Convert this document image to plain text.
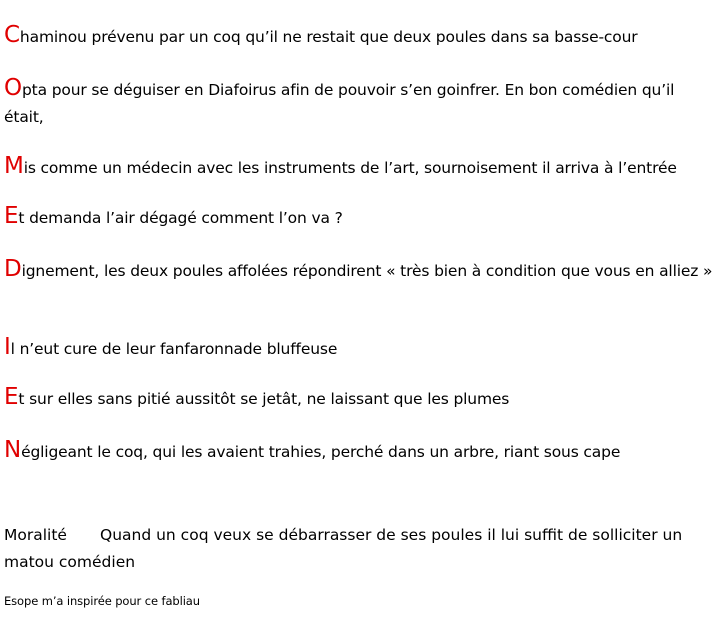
Chaminou prévenu par un coq qu’il ne restait que deux poules dans sa basse-cour

Opta pour se déguiser en Diafoirus afin de pouvoir s’en goinfrer. En bon comédien qu’il était,

Mis comme un médecin avec les instruments de l’art, sournoisement il arriva à l’entrée

Et demanda l’air dégagé comment l’on va ?

Dignement, les deux poules affolées répondirent « très bien à condition que vous en alliez »

Il n’eut cure de leur fanfaronnade bluffeuse

Et sur elles sans pitié aussitôt se jetât, ne laissant que les plumes

Négligeant le coq, qui les avaient trahies, perché dans un arbre, riant sous cape

Moralité Quand un coq veux se débarrasser de ses poules il lui suffit de solliciter un matou comédien

Esope m’a inspirée pour ce fabliau
